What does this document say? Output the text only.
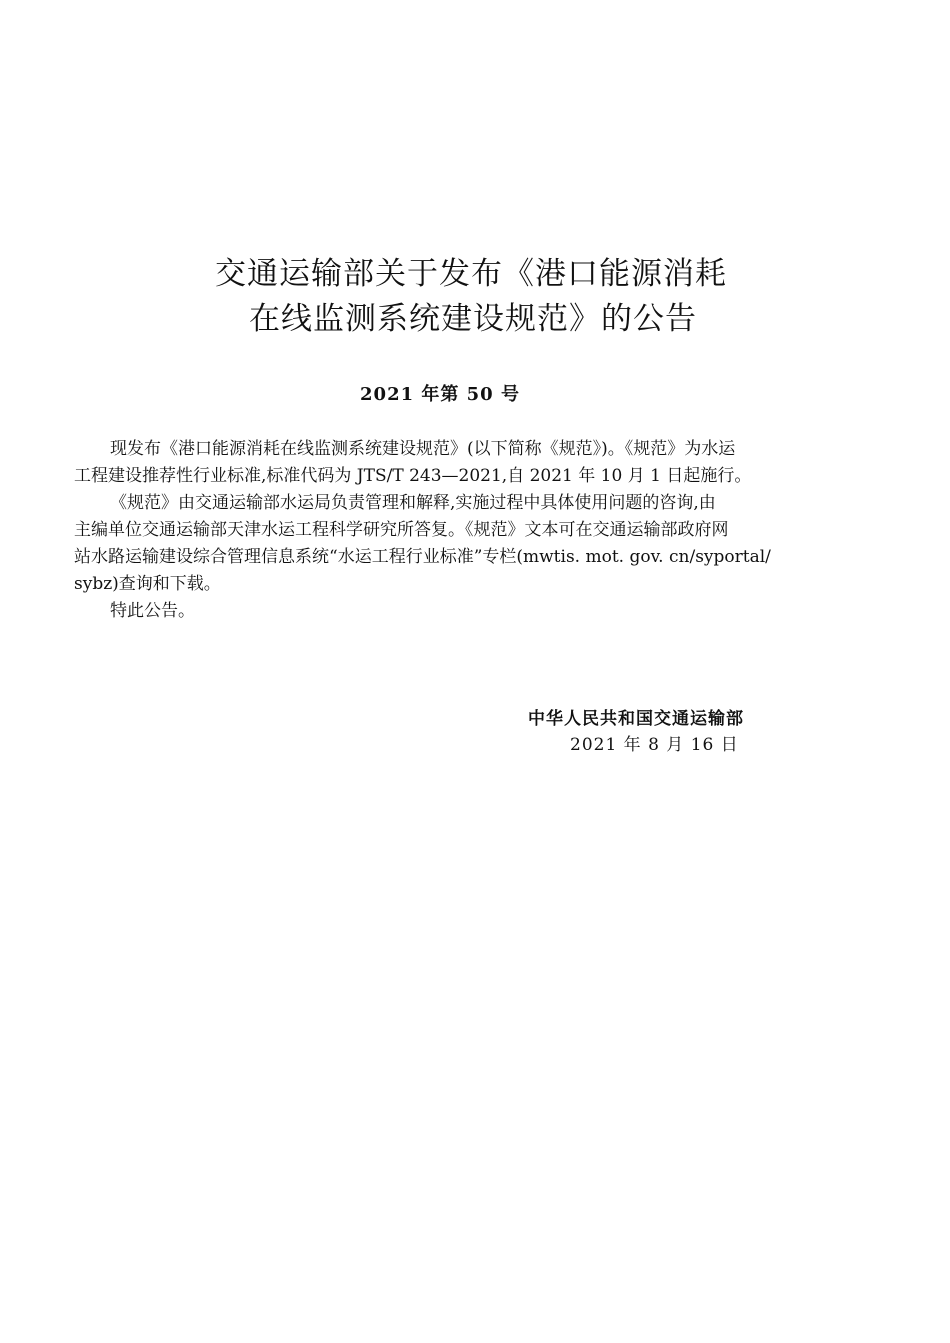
交通运输部关于发布《港口能源消耗
在线监测系统建设规范》的公告
2021 年第 50 号

现发布《港口能源消耗在线监测系统建设规范》(以下简称《规范》)。《规范》为水运
工程建设推荐性行业标准,标准代码为 JTS/T 243—2021,自 2021 年 10 月 1 日起施行。

《规范》由交通运输部水运局负责管理和解释,实施过程中具体使用问题的咨询,由
主编单位交通运输部天津水运工程科学研究所答复。《规范》文本可在交通运输部政府网
站水路运输建设综合管理信息系统“水运工程行业标准”专栏(mwtis. mot. gov. cn/syportal/
sybz)查询和下载。

特此公告。

中华人民共和国交通运输部
2021 年 8 月 16 日
